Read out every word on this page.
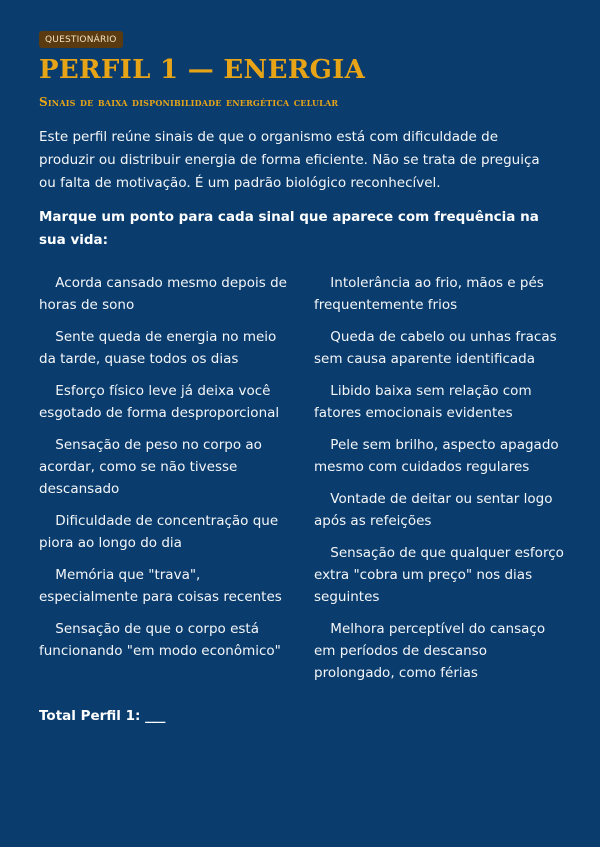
QUESTIONÁRIO
PERFIL 1 — ENERGIA
Sinais de baixa disponibilidade energética celular

Este perfil reúne sinais de que o organismo está com dificuldade de produzir ou distribuir energia de forma eficiente. Não se trata de preguiça ou falta de motivação. É um padrão biológico reconhecível.

Marque um ponto para cada sinal que aparece com frequência na sua vida:

Acorda cansado mesmo depois de horas de sono
Sente queda de energia no meio da tarde, quase todos os dias
Esforço físico leve já deixa você esgotado de forma desproporcional
Sensação de peso no corpo ao acordar, como se não tivesse descansado
Dificuldade de concentração que piora ao longo do dia
Memória que "trava", especialmente para coisas recentes
Sensação de que o corpo está funcionando "em modo econômico"
Intolerância ao frio, mãos e pés frequentemente frios
Queda de cabelo ou unhas fracas sem causa aparente identificada
Libido baixa sem relação com fatores emocionais evidentes
Pele sem brilho, aspecto apagado mesmo com cuidados regulares
Vontade de deitar ou sentar logo após as refeições
Sensação de que qualquer esforço extra "cobra um preço" nos dias seguintes
Melhora perceptível do cansaço em períodos de descanso prolongado, como férias
Total Perfil 1: ___
